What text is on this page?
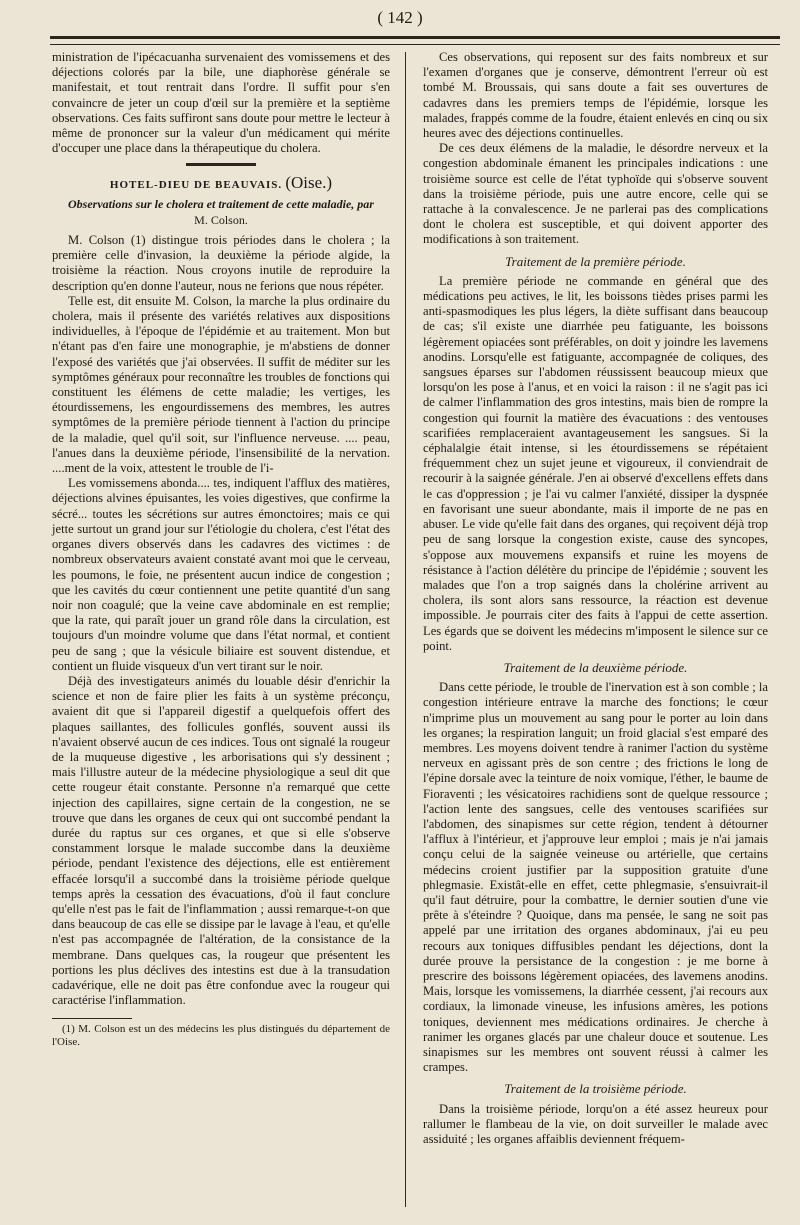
( 142 )

ministration de l'ipécacuanha survenaient des vomissemens et des déjections colorés par la bile, une diaphorèse générale se manifestait, et tout rentrait dans l'ordre. Il suffit pour s'en convaincre de jeter un coup d'œil sur la première et la septième observations. Ces faits suffiront sans doute pour mettre le lecteur à même de prononcer sur la valeur d'un médicament qui mérite d'occuper une place dans la thérapeutique du cholera.

HOTEL-DIEU DE BEAUVAIS. (Oise.)
Observations sur le cholera et traitement de cette maladie, par
M. Colson.

M. Colson (1) distingue trois périodes dans le cholera ; la première celle d'invasion, la deuxième la période algide, la troisième la réaction. Nous croyons inutile de reproduire la description qu'en donne l'auteur, nous ne ferions que nous répéter.

Telle est, dit ensuite M. Colson, la marche la plus ordinaire du cholera, mais il présente des variétés relatives aux dispositions individuelles, à l'époque de l'épidémie et au traitement. Mon but n'étant pas d'en faire une monographie, je m'abstiens de donner l'exposé des variétés que j'ai observées. Il suffit de méditer sur les symptômes généraux pour reconnaître les troubles de fonctions qui constituent les élémens de cette maladie; les vertiges, les étourdissemens, les engourdissemens des membres, les autres symptômes de la première période tiennent à l'action du principe de la maladie, quel qu'il soit, sur l'influence nerveuse. .... peau, l'anues dans la deuxième période, l'insensibilité de la nervation. ....ment de la voix, attestent le trouble de l'i-

Les vomissemens abonda.... tes, indiquent l'afflux des matières, déjections alvines épuisantes, les voies digestives, que confirme la sécré... toutes les sécrétions sur autres émonctoires; mais ce qui jette surtout un grand jour sur l'étiologie du cholera, c'est l'état des organes divers observés dans les cadavres des victimes : de nombreux observateurs avaient constaté avant moi que le cerveau, les poumons, le foie, ne présentent aucun indice de congestion ; que les cavités du cœur contiennent une petite quantité d'un sang noir non coagulé; que la veine cave abdominale en est remplie; que la rate, qui paraît jouer un grand rôle dans la circulation, est toujours d'un moindre volume que dans l'état normal, et contient peu de sang ; que la vésicule biliaire est souvent distendue, et contient un fluide visqueux d'un vert tirant sur le noir.

Déjà des investigateurs animés du louable désir d'enrichir la science et non de faire plier les faits à un système préconçu, avaient dit que si l'appareil digestif a quelquefois offert des plaques saillantes, des follicules gonflés, souvent aussi ils n'avaient observé aucun de ces indices. Tous ont signalé la rougeur de la muqueuse digestive , les arborisations qui s'y dessinent ; mais l'illustre auteur de la médecine physiologique a seul dit que cette rougeur était constante. Personne n'a remarqué que cette injection des capillaires, signe certain de la congestion, ne se trouve que dans les organes de ceux qui ont succombé pendant la durée du raptus sur ces organes, et que si elle s'observe constamment lorsque le malade succombe dans la deuxième période, pendant l'existence des déjections, elle est entièrement effacée lorsqu'il a succombé dans la troisième période quelque temps après la cessation des évacuations, d'où il faut conclure qu'elle n'est pas le fait de l'inflammation ; aussi remarque-t-on que dans beaucoup de cas elle se dissipe par le lavage à l'eau, et qu'elle n'est pas accompagnée de l'altération, de la consistance de la membrane. Dans quelques cas, la rougeur que présentent les portions les plus déclives des intestins est due à la transudation cadavérique, elle ne doit pas être confondue avec la rougeur qui caractérise l'inflammation.

(1) M. Colson est un des médecins les plus distingués du département de l'Oise.

Ces observations, qui reposent sur des faits nombreux et sur l'examen d'organes que je conserve, démontrent l'erreur où est tombé M. Broussais, qui sans doute a fait ses ouvertures de cadavres dans les premiers temps de l'épidémie, lorsque les malades, frappés comme de la foudre, étaient enlevés en cinq ou six heures avec des déjections continuelles.

De ces deux élémens de la maladie, le désordre nerveux et la congestion abdominale émanent les principales indications : une troisième source est celle de l'état typhoïde qui s'observe souvent dans la troisième période, puis une autre encore, celle qui se rattache à la convalescence. Je ne parlerai pas des complications dont le cholera est susceptible, et qui doivent apporter des modifications à son traitement.

Traitement de la première période.

La première période ne commande en général que des médications peu actives, le lit, les boissons tièdes prises parmi les anti-spasmodiques les plus légers, la diète suffisant dans beaucoup de cas; s'il existe une diarrhée peu fatiguante, les boissons légèrement opiacées sont préférables, on doit y joindre les lavemens anodins. Lorsqu'elle est fatiguante, accompagnée de coliques, des sangsues éparses sur l'abdomen réussissent beaucoup mieux que lorsqu'on les pose à l'anus, et en voici la raison : il ne s'agit pas ici de calmer l'inflammation des gros intestins, mais bien de rompre la congestion qui fournit la matière des évacuations : des ventouses scarifiées remplaceraient avantageusement les sangsues. Si la céphalalgie était intense, si les étourdissemens se répétaient fréquemment chez un sujet jeune et vigoureux, il conviendrait de recourir à la saignée générale. J'en ai observé d'excellens effets dans le cas d'oppression ; je l'ai vu calmer l'anxiété, dissiper la dyspnée en favorisant une sueur abondante, mais il importe de ne pas en abuser. Le vide qu'elle fait dans des organes, qui reçoivent déjà trop peu de sang lorsque la congestion existe, cause des syncopes, s'oppose aux mouvemens expansifs et ruine les moyens de résistance à l'action délétère du principe de l'épidémie ; souvent les malades que l'on a trop saignés dans la cholérine arrivent au cholera, ils sont alors sans ressource, la réaction est devenue impossible. Je pourrais citer des faits à l'appui de cette assertion. Les égards que se doivent les médecins m'imposent le silence sur ce point.

Traitement de la deuxième période.

Dans cette période, le trouble de l'inervation est à son comble ; la congestion intérieure entrave la marche des fonctions; le cœur n'imprime plus un mouvement au sang pour le porter au loin dans les organes; la respiration languit; un froid glacial s'est emparé des membres. Les moyens doivent tendre à ranimer l'action du système nerveux en agissant près de son centre ; des frictions le long de l'épine dorsale avec la teinture de noix vomique, l'éther, le baume de Fioraventi ; les vésicatoires rachidiens sont de quelque ressource ; l'action lente des sangsues, celle des ventouses scarifiées sur l'abdomen, des sinapismes sur cette région, tendent à détourner l'afflux à l'intérieur, et j'approuve leur emploi ; mais je n'ai jamais conçu celui de la saignée veineuse ou artérielle, que certains médecins croient justifier par la supposition gratuite d'une phlegmasie. Existât-elle en effet, cette phlegmasie, s'ensuivrait-il qu'il faut détruire, pour la combattre, le dernier soutien d'une vie prête à s'éteindre ? Quoique, dans ma pensée, le sang ne soit pas appelé par une irritation des organes abdominaux, j'ai eu peu recours aux toniques diffusibles pendant les déjections, dont la durée prouve la persistance de la congestion : je me borne à prescrire des boissons légèrement opiacées, des lavemens anodins. Mais, lorsque les vomissemens, la diarrhée cessent, j'ai recours aux cordiaux, la limonade vineuse, les infusions amères, les potions toniques, deviennent mes médications ordinaires. Je cherche à ranimer les organes glacés par une chaleur douce et soutenue. Les sinapismes sur les membres ont souvent réussi à calmer les crampes.

Traitement de la troisième période.

Dans la troisième période, lorqu'on a été assez heureux pour rallumer le flambeau de la vie, on doit surveiller le malade avec assiduité ; les organes affaiblis deviennent fréquem-
